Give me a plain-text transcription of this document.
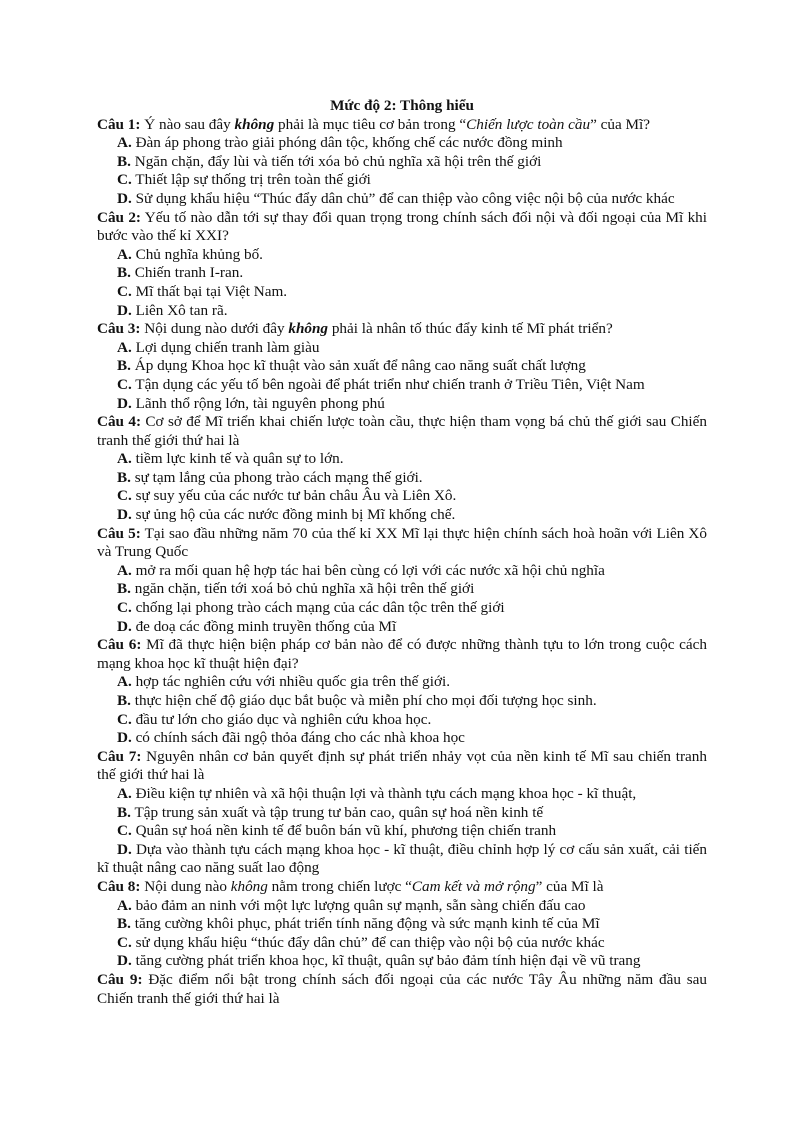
Mức độ 2: Thông hiểu
Câu 1: Ý nào sau đây không phải là mục tiêu cơ bản trong “Chiến lược toàn cầu” của Mĩ?
A. Đàn áp phong trào giải phóng dân tộc, khống chế các nước đồng minh
B. Ngăn chặn, đẩy lùi và tiến tới xóa bỏ chủ nghĩa xã hội trên thế giới
C. Thiết lập sự thống trị trên toàn thế giới
D. Sử dụng khẩu hiệu “Thúc đẩy dân chủ” để can thiệp vào công việc nội bộ của nước khác
Câu 2: Yếu tố nào dẫn tới sự thay đổi quan trọng trong chính sách đối nội và đối ngoại của Mĩ khi bước vào thế kỉ XXI?
A. Chủ nghĩa khủng bố.
B. Chiến tranh I-ran.
C. Mĩ thất bại tại Việt Nam.
D. Liên Xô tan rã.
Câu 3: Nội dung nào dưới đây không phải là nhân tố thúc đẩy kinh tế Mĩ phát triển?
A. Lợi dụng chiến tranh làm giàu
B. Áp dụng Khoa học kĩ thuật vào sản xuất để nâng cao năng suất chất lượng
C. Tận dụng các yếu tố bên ngoài để phát triển như chiến tranh ở Triều Tiên, Việt Nam
D. Lãnh thổ rộng lớn, tài nguyên phong phú
Câu 4: Cơ sở để Mĩ triển khai chiến lược toàn cầu, thực hiện tham vọng bá chủ thế giới sau Chiến tranh thế giới thứ hai là
A. tiềm lực kinh tế và quân sự to lớn.
B. sự tạm lắng của phong trào cách mạng thế giới.
C. sự suy yếu của các nước tư bản châu Âu và Liên Xô.
D. sự ủng hộ của các nước đồng minh bị Mĩ khống chế.
Câu 5: Tại sao đầu những năm 70 của thế kỉ XX Mĩ lại thực hiện chính sách hoà hoãn với Liên Xô và Trung Quốc
A. mở ra mối quan hệ hợp tác hai bên cùng có lợi với các nước xã hội chủ nghĩa
B. ngăn chặn, tiến tới xoá bỏ chủ nghĩa xã hội trên thế giới
C. chống lại phong trào cách mạng của các dân tộc trên thế giới
D. đe doạ các đồng minh truyền thống của Mĩ
Câu 6: Mĩ đã thực hiện biện pháp cơ bản nào để có được những thành tựu to lớn trong cuộc cách mạng khoa học kĩ thuật hiện đại?
A. hợp tác nghiên cứu với nhiều quốc gia trên thế giới.
B. thực hiện chế độ giáo dục bắt buộc và miễn phí cho mọi đối tượng học sinh.
C. đầu tư lớn cho giáo dục và nghiên cứu khoa học.
D. có chính sách đãi ngộ thỏa đáng cho các nhà khoa học
Câu 7: Nguyên nhân cơ bản quyết định sự phát triển nhảy vọt của nền kinh tế Mĩ sau chiến tranh thế giới thứ hai là
A. Điều kiện tự nhiên và xã hội thuận lợi và thành tựu cách mạng khoa học - kĩ thuật,
B. Tập trung sản xuất và tập trung tư bản cao, quân sự hoá nền kinh tế
C. Quân sự hoá nền kinh tế để buôn bán vũ khí, phương tiện chiến tranh
D. Dựa vào thành tựu cách mạng khoa học - kĩ thuật, điều chỉnh hợp lý cơ cấu sản xuất, cải tiến kĩ thuật nâng cao năng suất lao động
Câu 8: Nội dung nào không nằm trong chiến lược “Cam kết và mở rộng” của Mĩ là
A. bảo đảm an ninh với một lực lượng quân sự mạnh, sẵn sàng chiến đấu cao
B. tăng cường khôi phục, phát triển tính năng động và sức mạnh kinh tế của Mĩ
C. sử dụng khẩu hiệu “thúc đẩy dân chủ” để can thiệp vào nội bộ của nước khác
D. tăng cường phát triển khoa học, kĩ thuật, quân sự bảo đảm tính hiện đại về vũ trang
Câu 9: Đặc điểm nổi bật trong chính sách đối ngoại của các nước Tây Âu những năm đầu sau Chiến tranh thế giới thứ hai là
